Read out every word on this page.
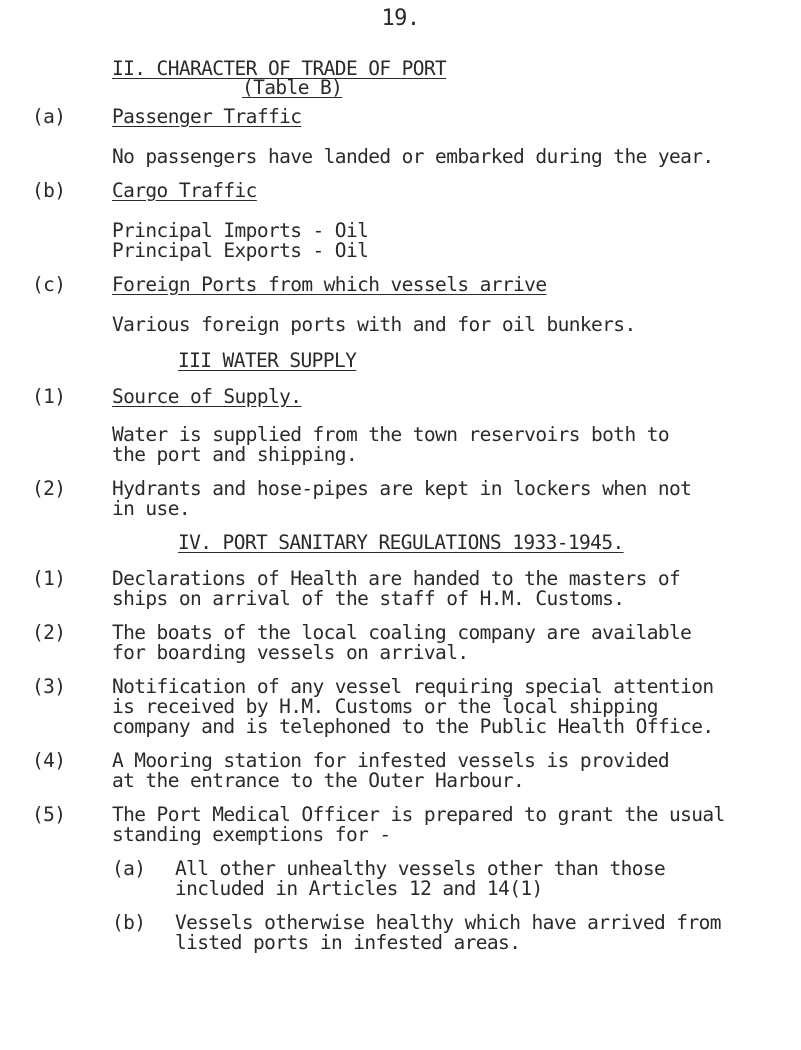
19.
II. CHARACTER OF TRADE OF PORT
(Table B)
(a) Passenger Traffic
No passengers have landed or embarked during the year.
(b) Cargo Traffic
Principal Imports - Oil
Principal Exports - Oil
(c) Foreign Ports from which vessels arrive
Various foreign ports with and for oil bunkers.
III WATER SUPPLY
(1) Source of Supply.
Water is supplied from the town reservoirs both to
the port and shipping.
(2) Hydrants and hose-pipes are kept in lockers when not
in use.
IV. PORT SANITARY REGULATIONS 1933-1945.
(1) Declarations of Health are handed to the masters of
ships on arrival of the staff of H.M. Customs.
(2) The boats of the local coaling company are available
for boarding vessels on arrival.
(3) Notification of any vessel requiring special attention
is received by H.M. Customs or the local shipping
company and is telephoned to the Public Health Office.
(4) A Mooring station for infested vessels is provided
at the entrance to the Outer Harbour.
(5) The Port Medical Officer is prepared to grant the usual
standing exemptions for -
(a) All other unhealthy vessels other than those
included in Articles 12 and 14(1)
(b) Vessels otherwise healthy which have arrived from
listed ports in infested areas.
